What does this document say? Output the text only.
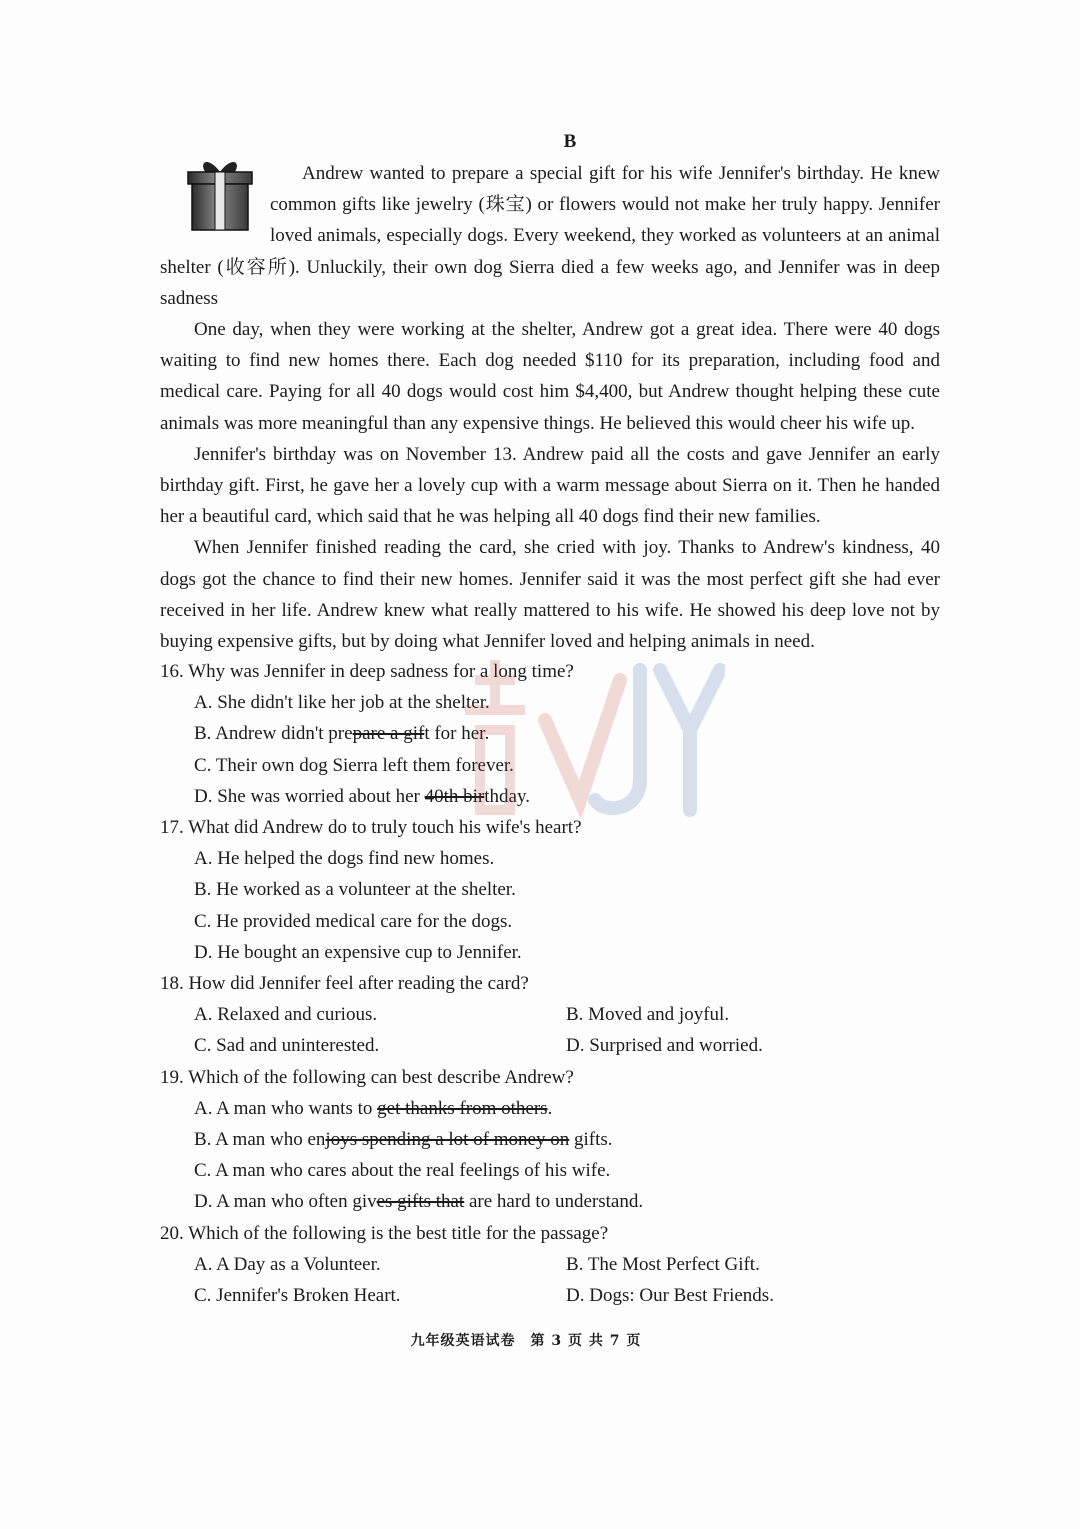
B

Andrew wanted to prepare a special gift for his wife Jennifer's birthday. He knew common gifts like jewelry (珠宝) or flowers would not make her truly happy. Jennifer loved animals, especially dogs. Every weekend, they worked as volunteers at an animal shelter (收容所). Unluckily, their own dog Sierra died a few weeks ago, and Jennifer was in deep sadness

One day, when they were working at the shelter, Andrew got a great idea. There were 40 dogs waiting to find new homes there. Each dog needed $110 for its preparation, including food and medical care. Paying for all 40 dogs would cost him $4,400, but Andrew thought helping these cute animals was more meaningful than any expensive things. He believed this would cheer his wife up.

Jennifer's birthday was on November 13. Andrew paid all the costs and gave Jennifer an early birthday gift. First, he gave her a lovely cup with a warm message about Sierra on it. Then he handed her a beautiful card, which said that he was helping all 40 dogs find their new families.

When Jennifer finished reading the card, she cried with joy. Thanks to Andrew's kindness, 40 dogs got the chance to find their new homes. Jennifer said it was the most perfect gift she had ever received in her life. Andrew knew what really mattered to his wife. He showed his deep love not by buying expensive gifts, but by doing what Jennifer loved and helping animals in need.

16. Why was Jennifer in deep sadness for a long time?

A. She didn't like her job at the shelter.

B. Andrew didn't prepare a gift for her.

C. Their own dog Sierra left them forever.

D. She was worried about her 40th birthday.

17. What did Andrew do to truly touch his wife's heart?

A. He helped the dogs find new homes.

B. He worked as a volunteer at the shelter.

C. He provided medical care for the dogs.

D. He bought an expensive cup to Jennifer.

18. How did Jennifer feel after reading the card?

A. Relaxed and curious.	B. Moved and joyful.
C. Sad and uninterested.	D. Surprised and worried.

19. Which of the following can best describe Andrew?

A. A man who wants to get thanks from others.

B. A man who enjoys spending a lot of money on gifts.

C. A man who cares about the real feelings of his wife.

D. A man who often gives gifts that are hard to understand.

20. Which of the following is the best title for the passage?

A. A Day as a Volunteer.	B. The Most Perfect Gift.
C. Jennifer's Broken Heart.	D. Dogs: Our Best Friends.
九年级英语试卷　第 3 页 共 7 页
